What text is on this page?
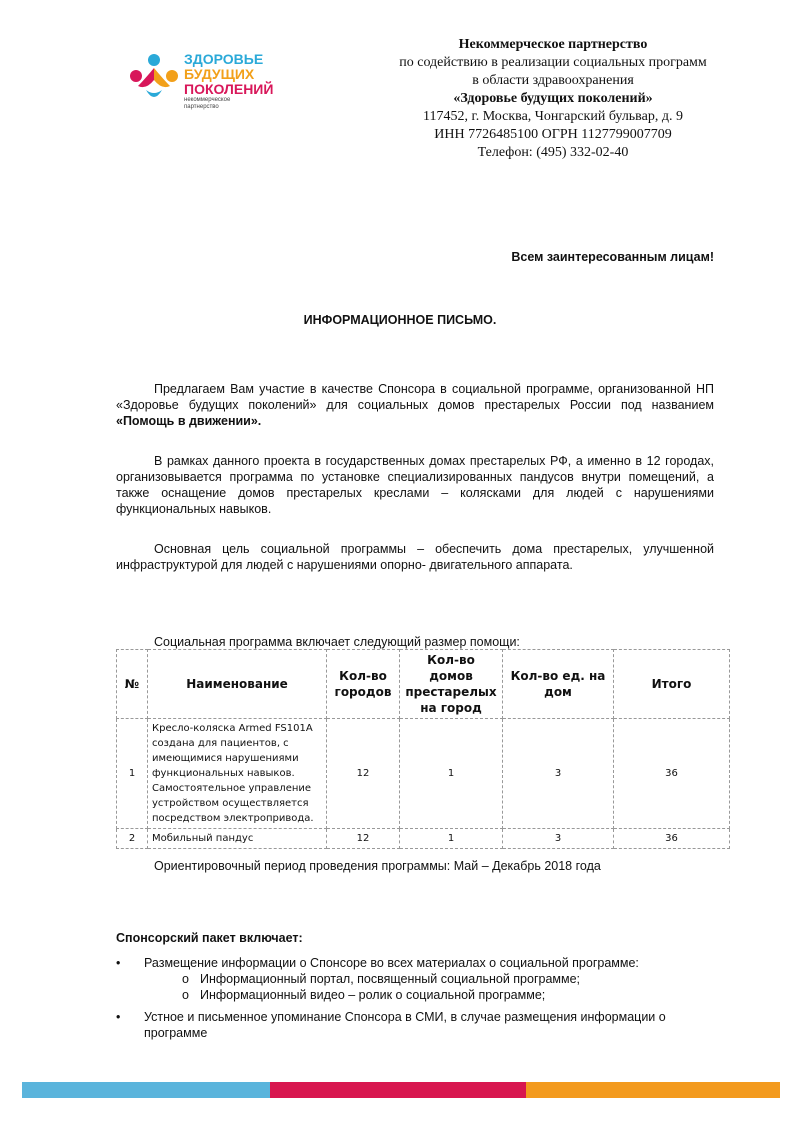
ЗДОРОВЬЕ
БУДУЩИХ
ПОКОЛЕНИЙ
некоммерческое партнерство
Некоммерческое партнерство
по содействию в реализации социальных программ
в области здравоохранения
«Здоровье будущих поколений»
117452, г. Москва, Чонгарский бульвар, д. 9
ИНН 7726485100 ОГРН 1127799007709
Телефон: (495) 332-02-40
Всем заинтересованным лицам!
ИНФОРМАЦИОННОЕ ПИСЬМО.

Предлагаем Вам участие в качестве Спонсора в социальной программе, организованной НП «Здоровье будущих поколений» для социальных домов престарелых России под названием «Помощь в движении».

В рамках данного проекта в государственных домах престарелых РФ, а именно в 12 городах, организовывается программа по установке специализированных пандусов внутри помещений, а также оснащение домов престарелых креслами – колясками для людей с нарушениями функциональных навыков.

Основная цель социальной программы – обеспечить дома престарелых, улучшенной инфраструктурой для людей с нарушениями опорно- двигательного аппарата.

Социальная программа включает следующий размер помощи:
№	Наименование	Кол-во городов	Кол-во домов престарелых на город	Кол-во ед. на дом	Итого
1	Кресло-коляска Armed FS101A создана для пациентов, с имеющимися нарушениями функциональных навыков. Самостоятельное управление устройством осуществляется посредством электропривода.	12	1	3	36
2	Мобильный пандус	12	1	3	36
Ориентировочный период проведения программы: Май – Декабрь 2018 года
Спонсорский пакет включает:
• Размещение информации о Спонсоре во всех материалах о социальной программе:
o Информационный портал, посвященный социальной программе;
o Информационный видео – ролик о социальной программе;
• Устное и письменное упоминание Спонсора в СМИ, в случае размещения информации о программе
